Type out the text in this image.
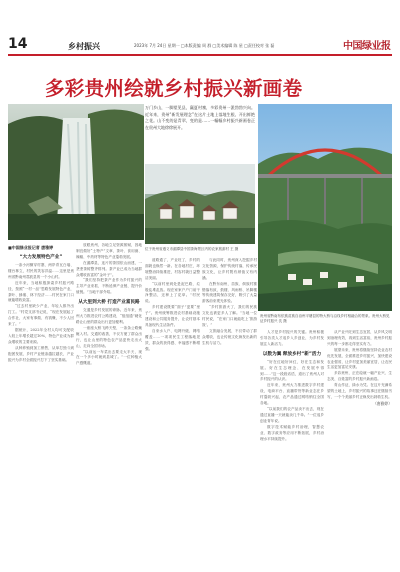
14	乡村振兴	2023年 7月 24日 星期一 □本版责编 周 群 □美术编辑 陈 星 □责任校对 张 磊	中国绿业报
多彩贵州绘就乡村振兴新画卷
万门乡山，一脚望见县，赢夏村寨，多彩贵州一派勃勃兴向。近年来，贵州“新发展理念”在这片土地上落地生根、开出鲜艳之花。山不变的是青翠，变的是……一幅幅乡村振兴新画卷正在贵州大地徐徐展开。
位于贵州省遵义市湄潭县中国茶海景区内的农家旅游村 王 摄
贵州省黔南布依族苗族自治州平塘县的特大桥与沿线乡村相融合的景象。贵州大桥见证乡村振兴 沈 摄
■中国绿业报记者 唐雅婷
“大力发展特色产业”

一条小河横穿村寨，两岸青瓦白墙、楼台林立，村民的笑容洋溢……这里是贵州省黔南州荔波县的一个小山村。

近年来，当地积极探索乡村振兴路径，按照“一村一品”思路发展特色产业，茶叶、蜂蜜、林下经济……村民在家门口就能增收致富。

“过去村里缺少产业，年轻人都外出打工。”村党支部书记说，“现在发展起了合作社，大家有事做、有钱赚，不少人回来了。”

据统计，2022年全村人均可支配收入较上年增长超过10%，特色产业成为群众增收的主要来源。

从种养殖到加工销售，从单打独斗到抱团发展，乡村产业链条越拉越长，产业振兴为乡村全面振兴打下了坚实基础。

放眼贵州，各地立足资源禀赋，因地制宜做好“土特产”文章，茶叶、食用菌、辣椒、中药材等特色产业蓬勃发展。

在湄潭县，连片的茶园依山而建，一垄垄茶树整齐排列。茶产业已成为当地群众增收致富的“金叶子”。

“我们坚持把茶产业作为乡村振兴的主导产业来抓，不断延伸产业链、提升价值链。”当地干部介绍。

从大里到大桥 打造产业富民路

交通是乡村发展的命脉。近年来，贵州大力推进农村公路建设，“组组通”硬化路让山里的群众出行更加便利。

一座座大桥飞跨天堑，一条条公路蜿蜒入村。交通的改善，不仅方便了群众出行，也让山里的特色农产品更快走出大山，走向全国市场。

“以前运一车菜出去要走大半天，现在一个多小时就到县城了。”一位种植大户感慨道。

道路通了，产业旺了，乡村的面貌也焕然一新。在各地村庄，环境整治持续推进，村容村貌日益整洁美丽。

“以前村里到处是泥巴路，垃圾乱堆乱放。现在家家户户门前干净整洁，还种上了花草。”村民说。

乡村建设既要“面子”更要“里子”。贵州统筹推进农村基础设施建设和公共服务提升，让农村基本具备现代生活条件。

自来水入户、电网升级、网络覆盖……一项项民生工程落地见效，群众的获得感、幸福感不断增强。

与此同时，贵州深入挖掘乡村文化资源，保护传统村落，传承民族文化，让乡村既有颜值又有内涵。

在黔东南州，苗族、侗族村寨错落有致，鼓楼、风雨桥、吊脚楼等传统建筑保存完好，吸引了大量游客前来观光体验。

“乡村旅游火了，我们的民族文化也被更多人了解。”当地一位村民说，“在家门口就能吃上‘旅游饭’。”

文旅融合发展，不仅带动了群众增收，也让传统文化焕发出新的生机与活力。

人才是乡村振兴的关键。贵州积极引导各类人才返乡入乡创业，为乡村发展注入新活力。

以数为翼 释放乡村“新”活力

“好在红地好问红，好在生态和发展。好在生态理念、在发展中得到……”这一段段话语，道出了贵州人对乡村振兴的认识。

近年来，贵州大力推进数字乡村建设，电商平台、直播带货等新业态在乡村蓬勃兴起，农产品通过网络销往全国各地。

“以前我们的农产品卖不出去，现在通过直播一天就能卖几千单。”一位返乡创业青年说。

数字技术赋能乡村治理，智慧农业、数字政务等应用不断拓展，乡村治理水平持续提升。

从产业兴旺到生态宜居，从乡风文明到治理有效，再到生活富裕，贵州乡村振兴的每一步都走得坚实有力。

展望未来，贵州将继续坚持农业农村优先发展，全面推进乡村振兴，加快建设农业强省，让乡村更加美丽宜居，让农民生活更加富足安康。

多彩贵州，正在绘就一幅产业兴、生态美、百姓富的乡村振兴新画卷。

青山作证，绿水为凭。在这片充满希望的土地上，乡村振兴的故事还在继续书写，一个个美丽乡村正焕发出勃勃生机。

（唐雅婷）
